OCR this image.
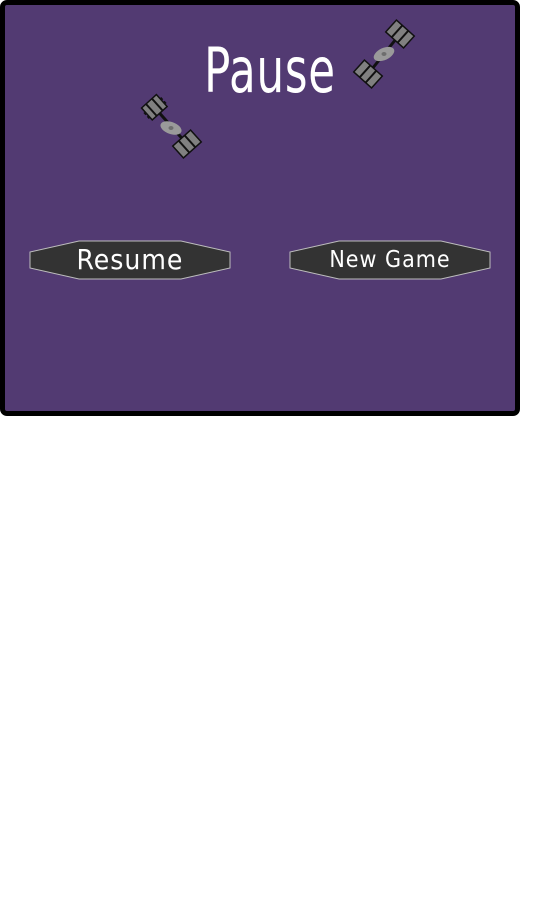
Pause
Resume	New Game
